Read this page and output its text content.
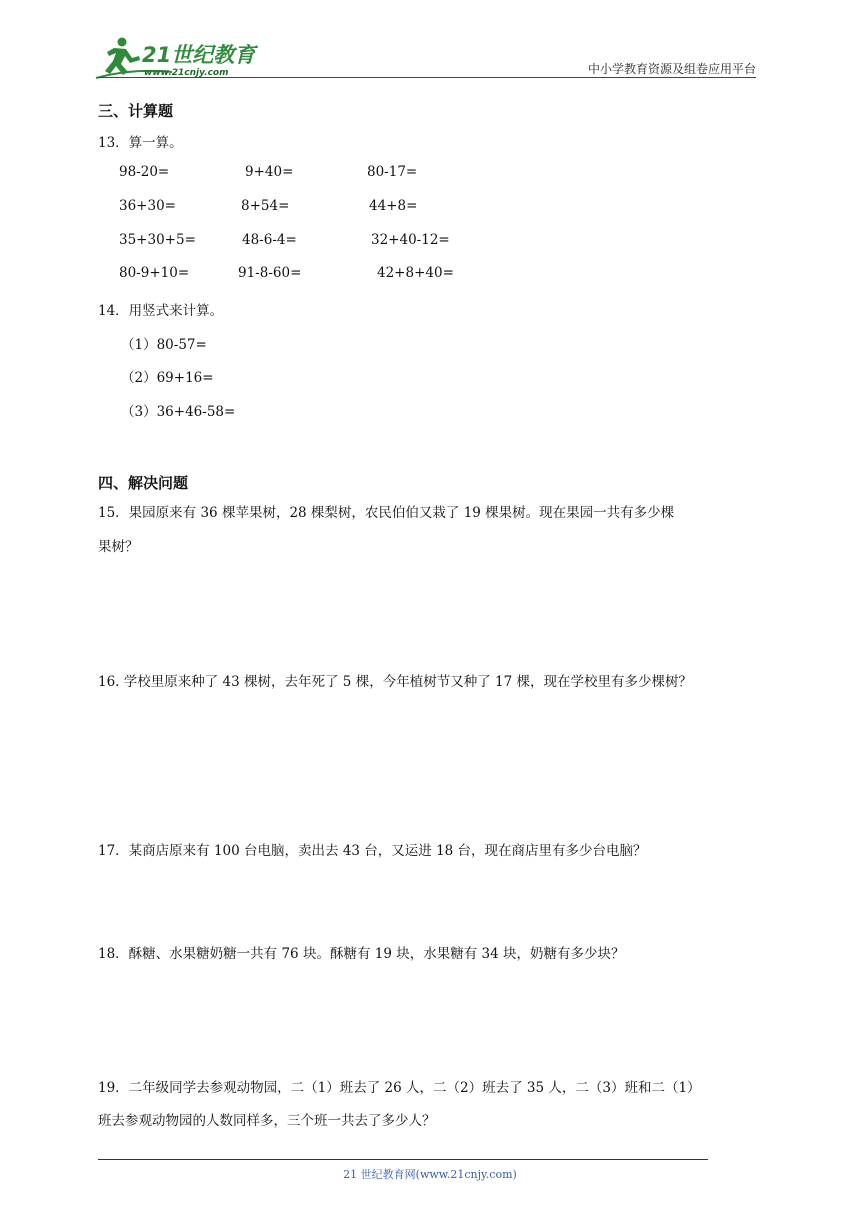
21世纪教育
www.21cnjy.com	中小学教育资源及组卷应用平台
三、计算题
13．算一算。
98-20=	9+40=	80-17=
36+30=	8+54=	44+8=
35+30+5=	48-6-4=	32+40-12=
80-9+10=	91-8-60=	42+8+40=
14．用竖式来计算。
（1）80-57=
（2）69+16=
（3）36+46-58=
四、解决问题
15．果园原来有 36 棵苹果树，28 棵梨树，农民伯伯又栽了 19 棵果树。现在果园一共有多少棵
果树？
16. 学校里原来种了 43 棵树，去年死了 5 棵，今年植树节又种了 17 棵，现在学校里有多少棵树？
17．某商店原来有 100 台电脑，卖出去 43 台，又运进 18 台，现在商店里有多少台电脑？
18．酥糖、水果糖奶糖一共有 76 块。酥糖有 19 块，水果糖有 34 块，奶糖有多少块？
19．二年级同学去参观动物园，二（1）班去了 26 人，二（2）班去了 35 人，二（3）班和二（1）
班去参观动物园的人数同样多，三个班一共去了多少人？
21 世纪教育网(www.21cnjy.com)
